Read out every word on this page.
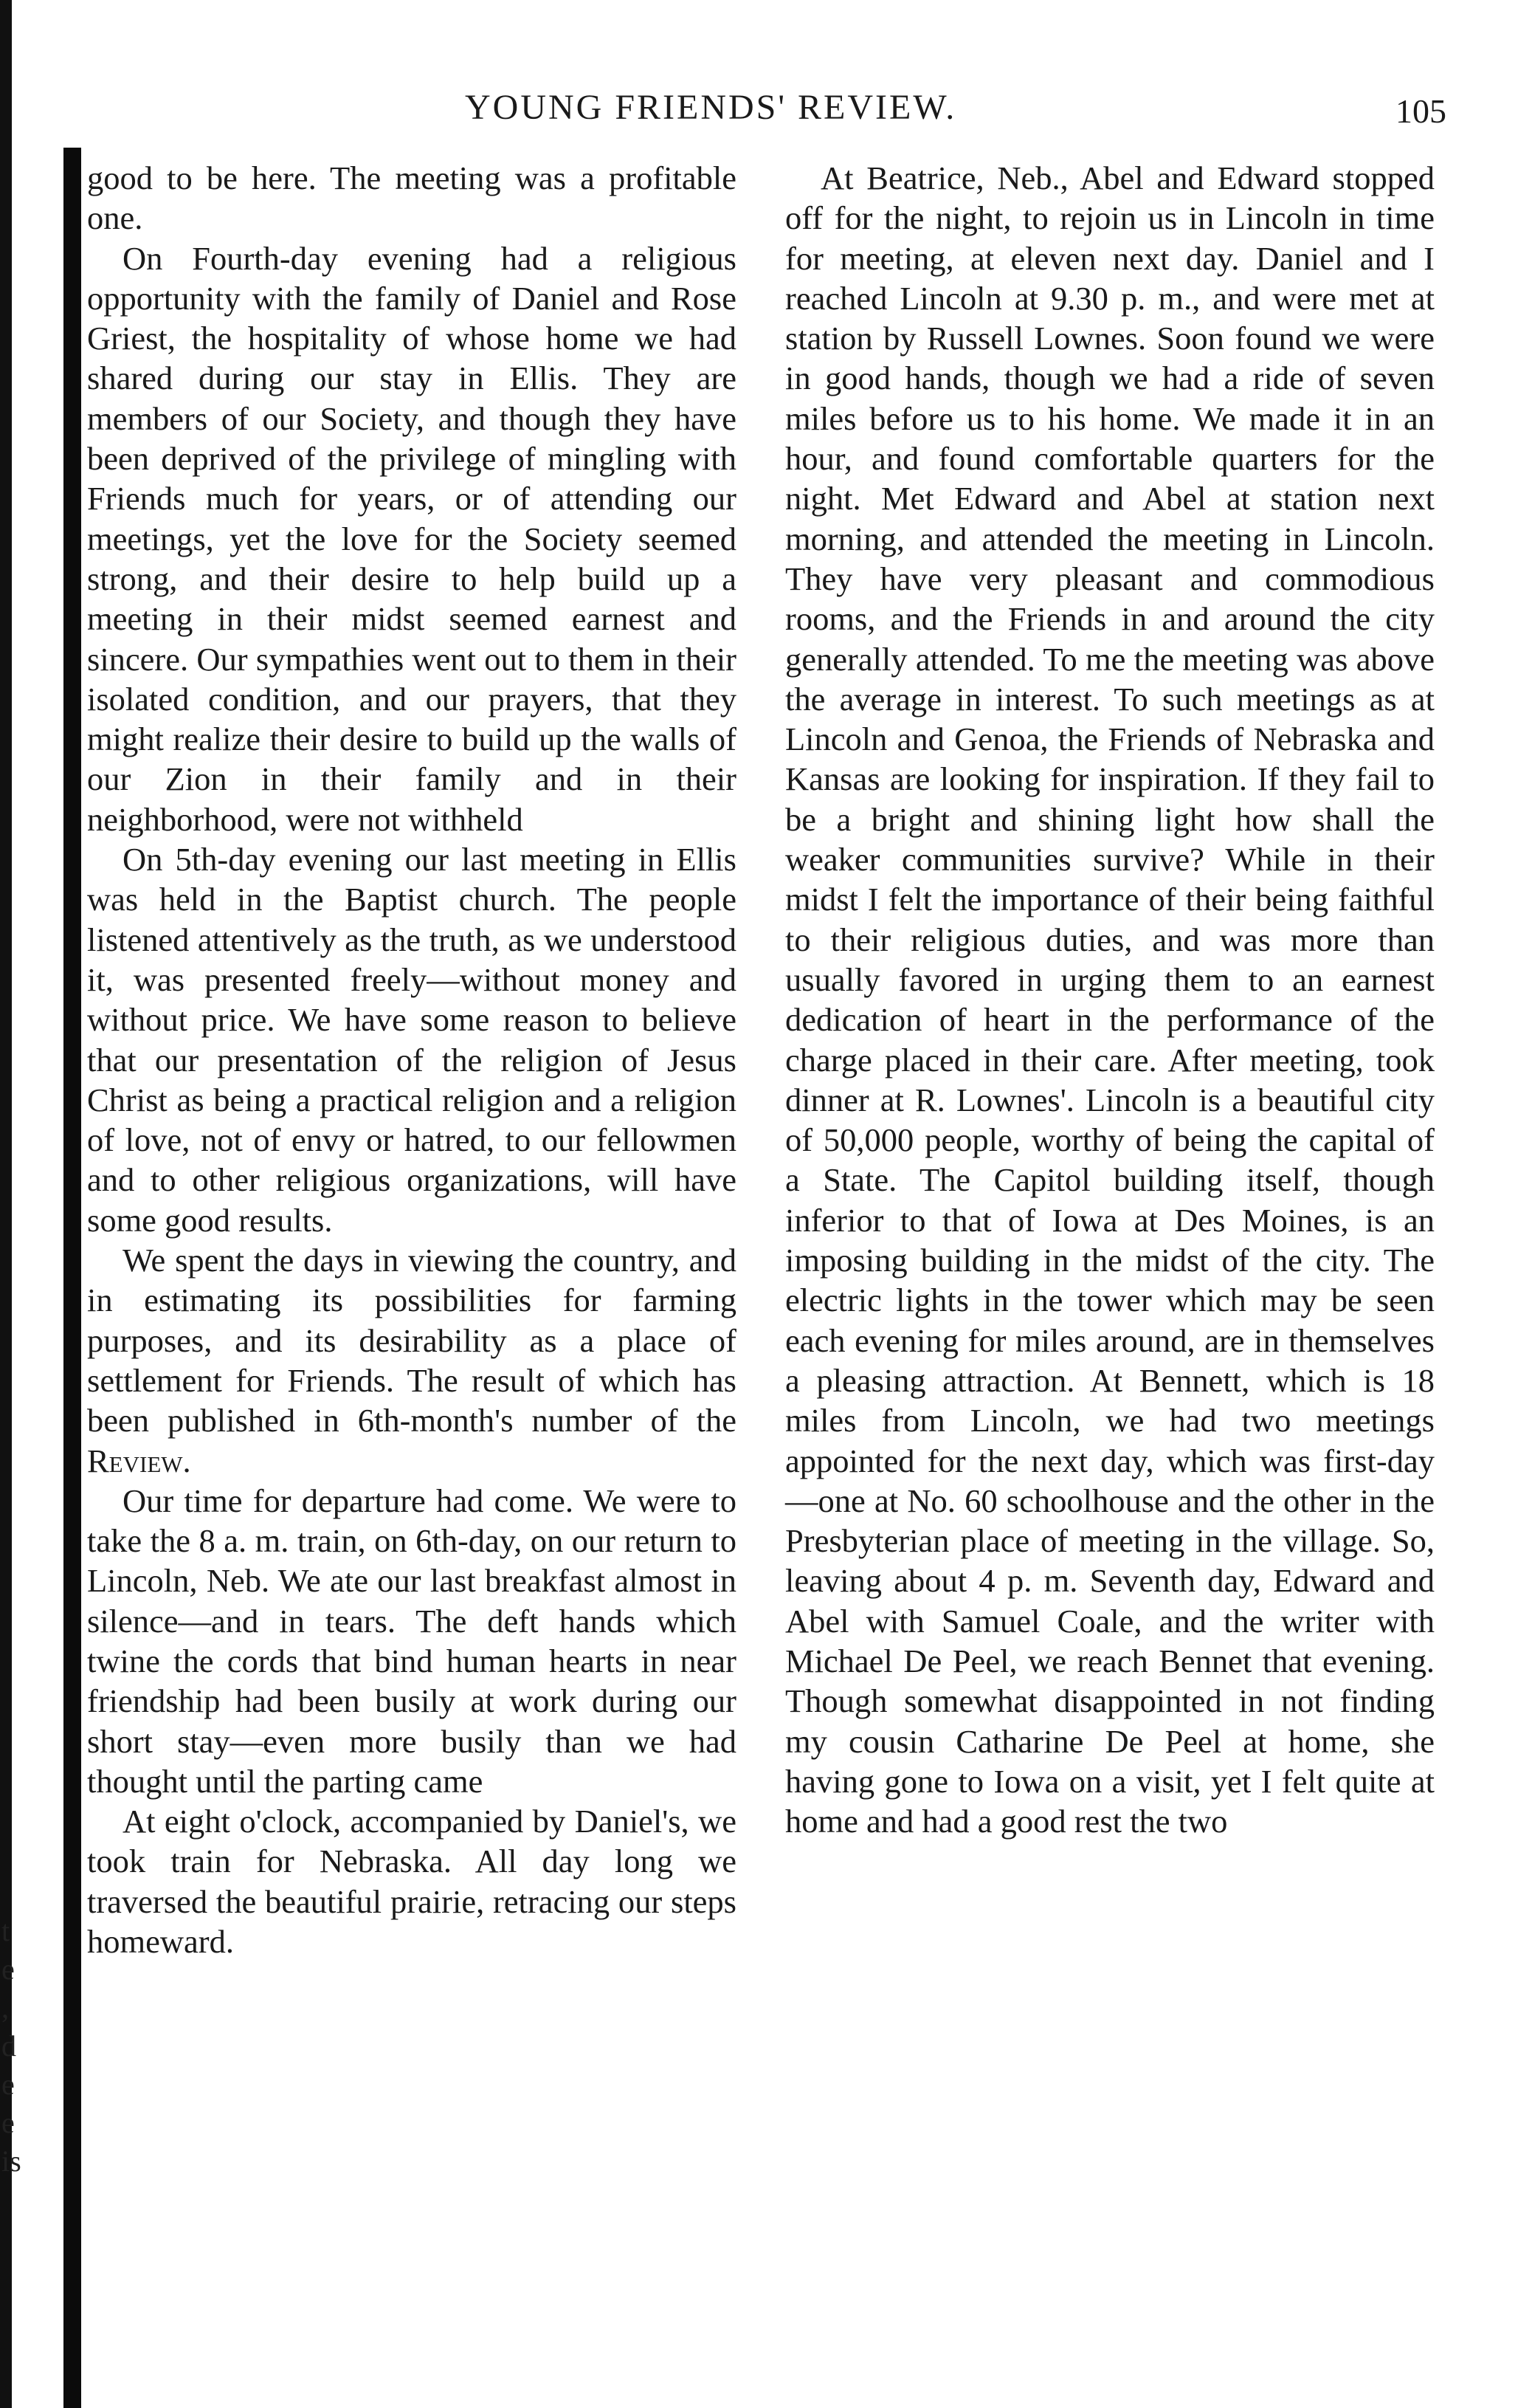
t
e
,
d
e
e
is
YOUNG FRIENDS' REVIEW.	105

good to be here. The meeting was a profitable one.

On Fourth-day evening had a religious opportunity with the family of Daniel and Rose Griest, the hospitality of whose home we had shared during our stay in Ellis. They are members of our Society, and though they have been deprived of the privilege of mingling with Friends much for years, or of attending our meetings, yet the love for the Society seemed strong, and their desire to help build up a meeting in their midst seemed earnest and sincere. Our sympathies went out to them in their isolated condition, and our prayers, that they might realize their desire to build up the walls of our Zion in their family and in their neighborhood, were not withheld

On 5th-day evening our last meeting in Ellis was held in the Baptist church. The people listened attentively as the truth, as we understood it, was presented freely—without money and without price. We have some reason to believe that our presentation of the religion of Jesus Christ as being a practical religion and a religion of love, not of envy or hatred, to our fellowmen and to other religious organizations, will have some good results.

We spent the days in viewing the country, and in estimating its possibilities for farming purposes, and its desirability as a place of settlement for Friends. The result of which has been published in 6th-month's number of the Review.

Our time for departure had come. We were to take the 8 a. m. train, on 6th-day, on our return to Lincoln, Neb. We ate our last breakfast almost in silence—and in tears. The deft hands which twine the cords that bind human hearts in near friendship had been busily at work during our short stay—even more busily than we had thought until the parting came

At eight o'clock, accompanied by Daniel's, we took train for Nebraska. All day long we traversed the beautiful prairie, retracing our steps homeward.

At Beatrice, Neb., Abel and Edward stopped off for the night, to rejoin us in Lincoln in time for meeting, at eleven next day. Daniel and I reached Lincoln at 9.30 p. m., and were met at station by Russell Lownes. Soon found we were in good hands, though we had a ride of seven miles before us to his home. We made it in an hour, and found comfortable quarters for the night. Met Edward and Abel at station next morning, and attended the meeting in Lincoln. They have very pleasant and commodious rooms, and the Friends in and around the city generally attended. To me the meeting was above the average in interest. To such meetings as at Lincoln and Genoa, the Friends of Nebraska and Kansas are looking for inspiration. If they fail to be a bright and shining light how shall the weaker communities survive? While in their midst I felt the importance of their being faithful to their religious duties, and was more than usually favored in urging them to an earnest dedication of heart in the performance of the charge placed in their care. After meeting, took dinner at R. Lownes'. Lincoln is a beautiful city of 50,000 people, worthy of being the capital of a State. The Capitol building itself, though inferior to that of Iowa at Des Moines, is an imposing building in the midst of the city. The electric lights in the tower which may be seen each evening for miles around, are in themselves a pleasing attraction. At Bennett, which is 18 miles from Lincoln, we had two meetings appointed for the next day, which was first-day—one at No. 60 schoolhouse and the other in the Presbyterian place of meeting in the village. So, leaving about 4 p. m. Seventh day, Edward and Abel with Samuel Coale, and the writer with Michael De Peel, we reach Bennet that evening. Though somewhat disappointed in not finding my cousin Catharine De Peel at home, she having gone to Iowa on a visit, yet I felt quite at home and had a good rest the two
